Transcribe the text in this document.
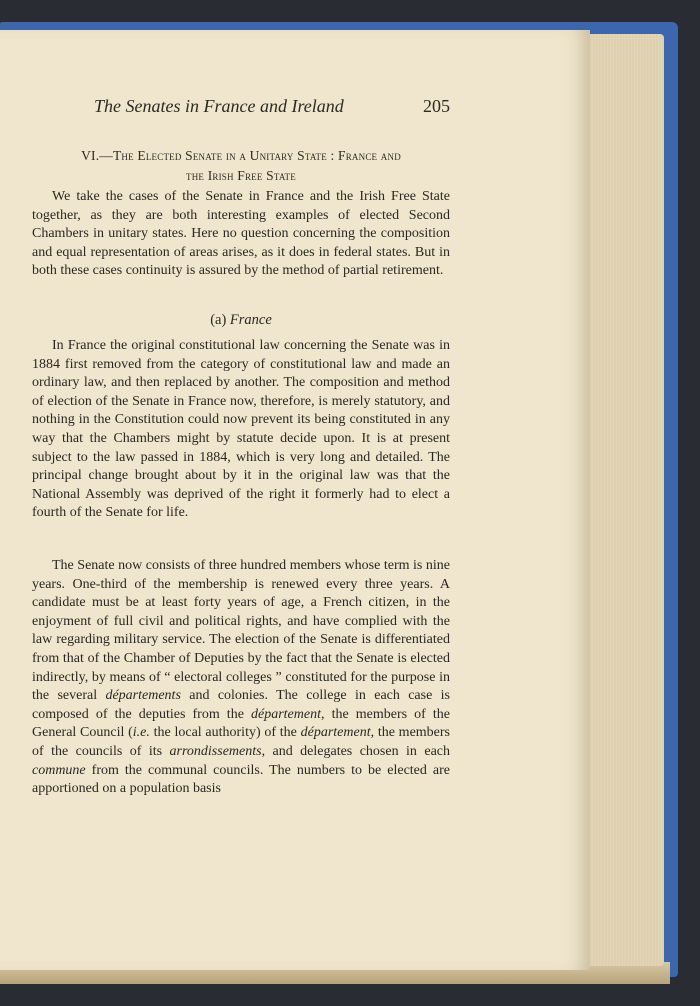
The Senates in France and Ireland	205
VI.—The Elected Senate in a Unitary State : France and
the Irish Free State

We take the cases of the Senate in France and the Irish Free State together, as they are both interesting examples of elected Second Chambers in unitary states. Here no question concerning the composition and equal representation of areas arises, as it does in federal states. But in both these cases continuity is assured by the method of partial retirement.

(a) France

In France the original constitutional law concerning the Senate was in 1884 first removed from the category of constitutional law and made an ordinary law, and then replaced by another. The composition and method of election of the Senate in France now, therefore, is merely statutory, and nothing in the Constitution could now prevent its being constituted in any way that the Chambers might by statute decide upon. It is at present subject to the law passed in 1884, which is very long and detailed. The principal change brought about by it in the original law was that the National Assembly was deprived of the right it formerly had to elect a fourth of the Senate for life.

The Senate now consists of three hundred members whose term is nine years. One-third of the membership is renewed every three years. A candidate must be at least forty years of age, a French citizen, in the enjoyment of full civil and political rights, and have complied with the law regarding military service. The election of the Senate is differentiated from that of the Chamber of Deputies by the fact that the Senate is elected indirectly, by means of “ electoral colleges ” constituted for the purpose in the several départements and colonies. The college in each case is composed of the deputies from the département, the members of the General Council (i.e. the local authority) of the département, the members of the councils of its arrondissements, and delegates chosen in each commune from the communal councils. The numbers to be elected are apportioned on a population basis
